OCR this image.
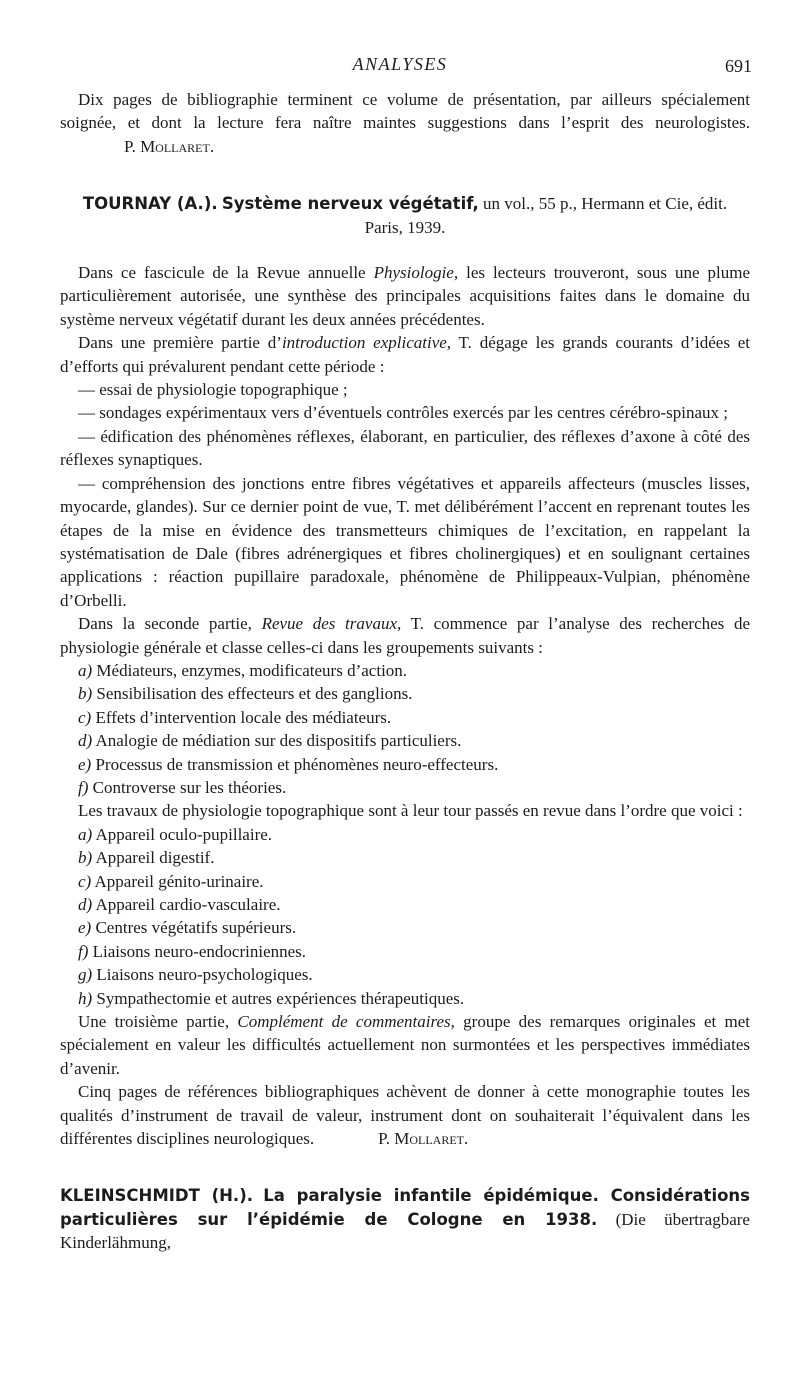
ANALYSES	691

Dix pages de bibliographie terminent ce volume de présentation, par ailleurs spécialement soignée, et dont la lecture fera naître maintes suggestions dans l’esprit des neurologistes.P. Mollaret.

TOURNAY (A.). Système nerveux végétatif, un vol., 55 p., Hermann et Cie, édit.
Paris, 1939.

Dans ce fascicule de la Revue annuelle Physiologie, les lecteurs trouveront, sous une plume particulièrement autorisée, une synthèse des principales acquisitions faites dans le domaine du système nerveux végétatif durant les deux années précédentes.

Dans une première partie d’introduction explicative, T. dégage les grands courants d’idées et d’efforts qui prévalurent pendant cette période :

— essai de physiologie topographique ;

— sondages expérimentaux vers d’éventuels contrôles exercés par les centres cérébro-spinaux ;

— édification des phénomènes réflexes, élaborant, en particulier, des réflexes d’axone à côté des réflexes synaptiques.

— compréhension des jonctions entre fibres végétatives et appareils affecteurs (muscles lisses, myocarde, glandes). Sur ce dernier point de vue, T. met délibérément l’accent en reprenant toutes les étapes de la mise en évidence des transmetteurs chimiques de l’excitation, en rappelant la systématisation de Dale (fibres adrénergiques et fibres cholinergiques) et en soulignant certaines applications : réaction pupillaire paradoxale, phénomène de Philippeaux-Vulpian, phénomène d’Orbelli.

Dans la seconde partie, Revue des travaux, T. commence par l’analyse des recherches de physiologie générale et classe celles-ci dans les groupements suivants :

a) Médiateurs, enzymes, modificateurs d’action.

b) Sensibilisation des effecteurs et des ganglions.

c) Effets d’intervention locale des médiateurs.

d) Analogie de médiation sur des dispositifs particuliers.

e) Processus de transmission et phénomènes neuro-effecteurs.

f) Controverse sur les théories.

Les travaux de physiologie topographique sont à leur tour passés en revue dans l’ordre que voici :

a) Appareil oculo-pupillaire.

b) Appareil digestif.

c) Appareil génito-urinaire.

d) Appareil cardio-vasculaire.

e) Centres végétatifs supérieurs.

f) Liaisons neuro-endocriniennes.

g) Liaisons neuro-psychologiques.

h) Sympathectomie et autres expériences thérapeutiques.

Une troisième partie, Complément de commentaires, groupe des remarques originales et met spécialement en valeur les difficultés actuellement non surmontées et les perspectives immédiates d’avenir.

Cinq pages de références bibliographiques achèvent de donner à cette monographie toutes les qualités d’instrument de travail de valeur, instrument dont on souhaiterait l’équivalent dans les différentes disciplines neurologiques.	P. Mollaret.

KLEINSCHMIDT (H.). La paralysie infantile épidémique. Considérations particulières sur l’épidémie de Cologne en 1938. (Die übertragbare Kinderlähmung,
